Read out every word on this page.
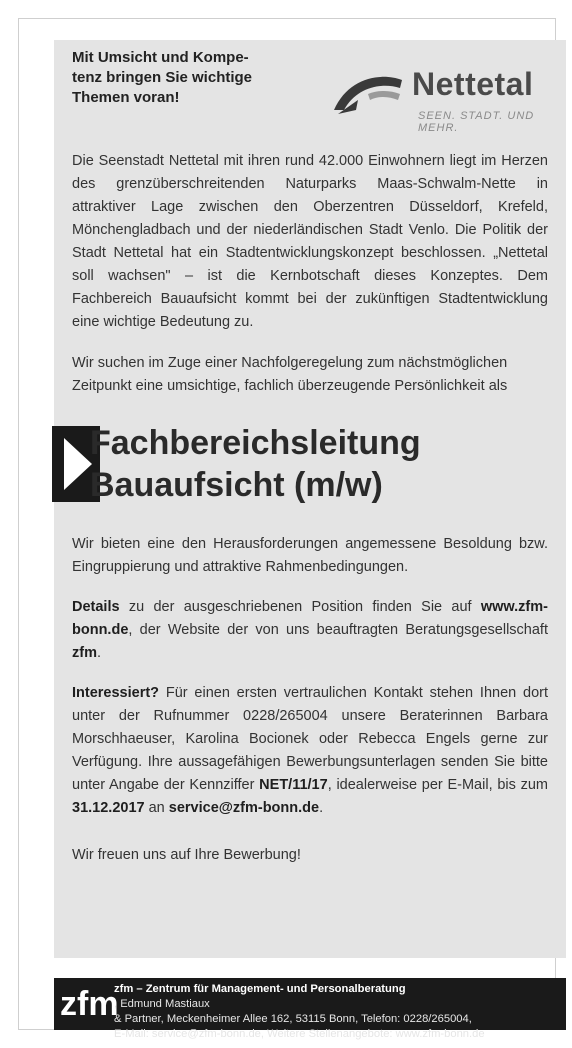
Mit Umsicht und Kompe-
tenz bringen Sie wichtige
Themen voran!	Nettetal
SEEN. STADT. UND MEHR.
Die Seenstadt Nettetal mit ihren rund 42.000 Einwohnern liegt im Herzen des grenzüberschreitenden Naturparks Maas-Schwalm-Nette in attraktiver Lage zwischen den Oberzentren Düsseldorf, Krefeld, Mönchengladbach und der niederländischen Stadt Venlo. Die Politik der Stadt Nettetal hat ein Stadtentwicklungskonzept beschlossen. „Nettetal soll wachsen" – ist die Kernbotschaft dieses Konzeptes. Dem Fachbereich Bauaufsicht kommt bei der zukünftigen Stadtentwicklung eine wichtige Bedeutung zu.
Wir suchen im Zuge einer Nachfolgeregelung zum nächstmöglichen Zeitpunkt eine umsichtige, fachlich überzeugende Persönlichkeit als
Fachbereichsleitung
Bauaufsicht (m/w)
Wir bieten eine den Herausforderungen angemessene Besoldung bzw. Eingruppierung und attraktive Rahmenbedingungen.
Details zu der ausgeschriebenen Position finden Sie auf www.zfm-bonn.de, der Website der von uns beauftragten Beratungsgesellschaft zfm.
Interessiert? Für einen ersten vertraulichen Kontakt stehen Ihnen dort unter der Rufnummer 0228/265004 unsere Beraterinnen Barbara Morschhaeuser, Karolina Bocionek oder Rebecca Engels gerne zur Verfügung. Ihre aussagefähigen Bewerbungsunterlagen senden Sie bitte unter Angabe der Kennziffer NET/11/17, idealerweise per E-Mail, bis zum 31.12.2017 an service@zfm-bonn.de.
Wir freuen uns auf Ihre Bewerbung!
zfm
zfm – Zentrum für Management- und Personalberatung
, Edmund Mastiaux
& Partner, Meckenheimer Allee 162, 53115 Bonn, Telefon: 0228/265004,
E-Mail: service@zfm-bonn.de, Weitere Stellenangebote: www.zfm-bonn.de
